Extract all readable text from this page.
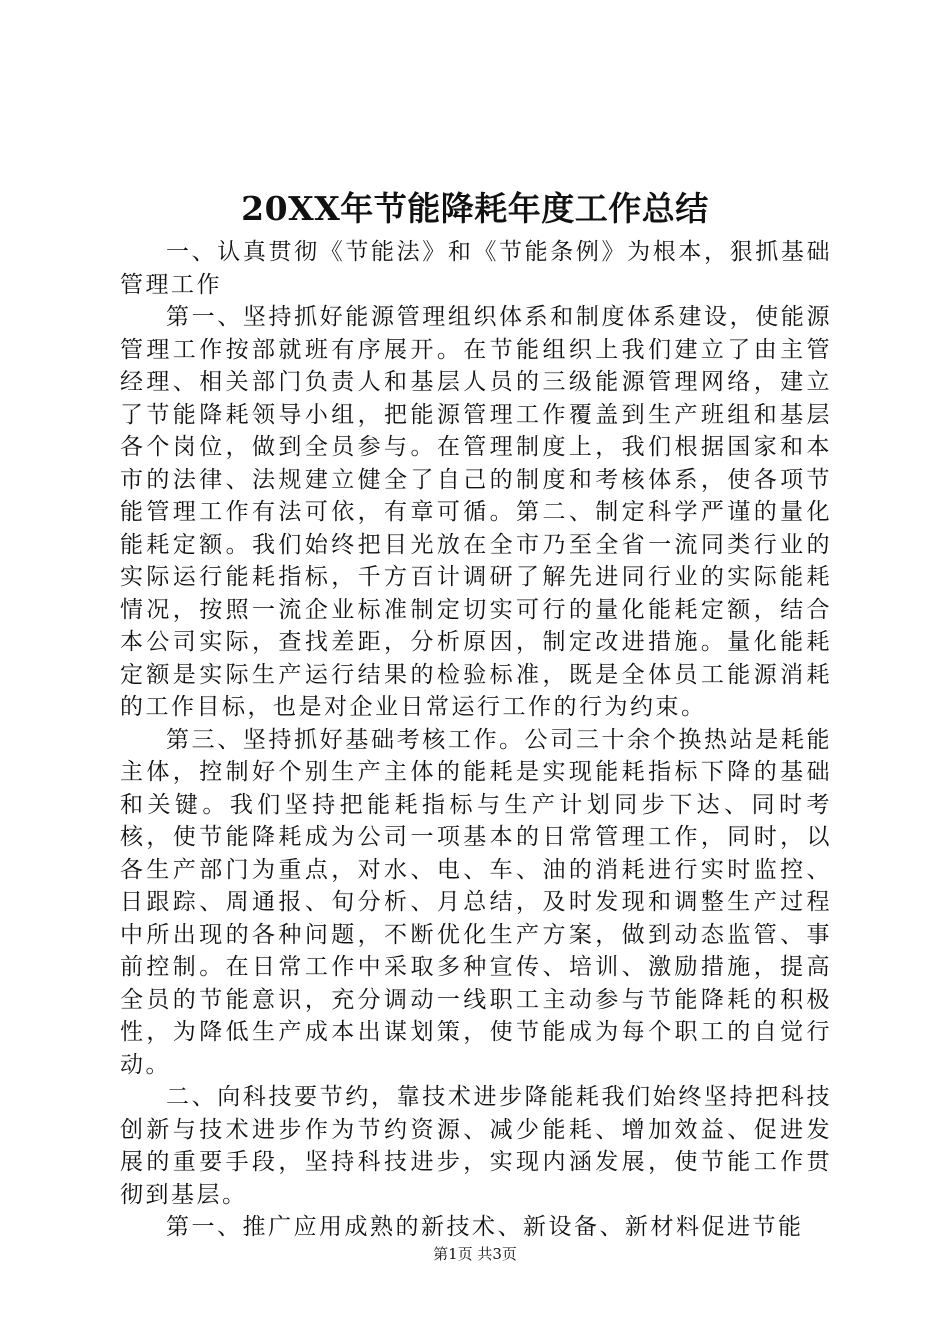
20XX年节能降耗年度工作总结

一、认真贯彻《节能法》和《节能条例》为根本，狠抓基础管理工作

第一、坚持抓好能源管理组织体系和制度体系建设，使能源管理工作按部就班有序展开。在节能组织上我们建立了由主管经理、相关部门负责人和基层人员的三级能源管理网络，建立了节能降耗领导小组，把能源管理工作覆盖到生产班组和基层各个岗位，做到全员参与。在管理制度上，我们根据国家和本市的法律、法规建立健全了自己的制度和考核体系，使各项节能管理工作有法可依，有章可循。第二、制定科学严谨的量化能耗定额。我们始终把目光放在全市乃至全省一流同类行业的实际运行能耗指标，千方百计调研了解先进同行业的实际能耗情况，按照一流企业标准制定切实可行的量化能耗定额，结合本公司实际，查找差距，分析原因，制定改进措施。量化能耗定额是实际生产运行结果的检验标准，既是全体员工能源消耗的工作目标，也是对企业日常运行工作的行为约束。

第三、坚持抓好基础考核工作。公司三十余个换热站是耗能主体，控制好个别生产主体的能耗是实现能耗指标下降的基础和关键。我们坚持把能耗指标与生产计划同步下达、同时考核，使节能降耗成为公司一项基本的日常管理工作，同时，以各生产部门为重点，对水、电、车、油的消耗进行实时监控、日跟踪、周通报、旬分析、月总结，及时发现和调整生产过程中所出现的各种问题，不断优化生产方案，做到动态监管、事前控制。在日常工作中采取多种宣传、培训、激励措施，提高全员的节能意识，充分调动一线职工主动参与节能降耗的积极性，为降低生产成本出谋划策，使节能成为每个职工的自觉行动。

二、向科技要节约，靠技术进步降能耗我们始终坚持把科技创新与技术进步作为节约资源、减少能耗、增加效益、促进发展的重要手段，坚持科技进步，实现内涵发展，使节能工作贯彻到基层。

第一、推广应用成熟的新技术、新设备、新材料促进节能

第1页 共3页
